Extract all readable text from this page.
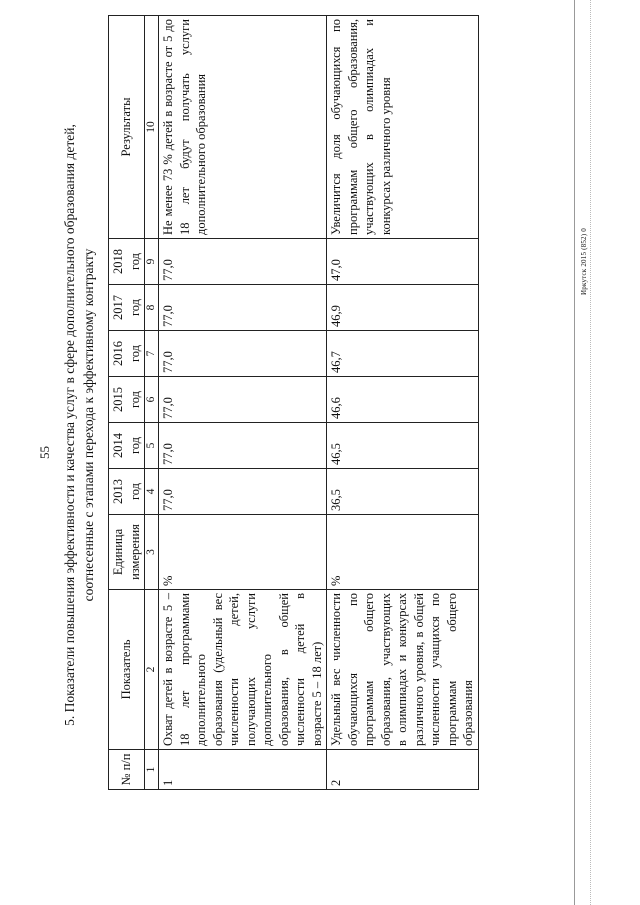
55 5. Показатели повышения эффективности и качества услуг в сфере дополнительного образования детей, соотнесенные с этапами перехода к эффективному контракту
№ п/п	Показатель	Единица измерения	2013 год	2014 год	2015 год	2016 год	2017 год	2018 год	Результаты
1	2	3	4	5	6	7	8	9	10
1	Охват детей в возрасте 5 – 18 лет программами дополнительного образования (удельный вес численности детей, получающих услуги дополнительного образования, в общей численности детей в возрасте 5 – 18 лет)	%	77,0	77,0	77,0	77,0	77,0	77,0	Не менее 73 % детей в возрасте от 5 до 18 лет будут получать услуги дополнительного образования
2	Удельный вес численности обучающихся по программам общего образования, участвующих в олимпиадах и конкурсах различного уровня, в общей численности учащихся по программам общего образования	%	36,5	46,5	46,6	46,7	46,9	47,0	Увеличится доля обучающихся по программам общего образования, участвующих в олимпиадах и конкурсах различного уровня
Иркутск 2015 (852) 0
